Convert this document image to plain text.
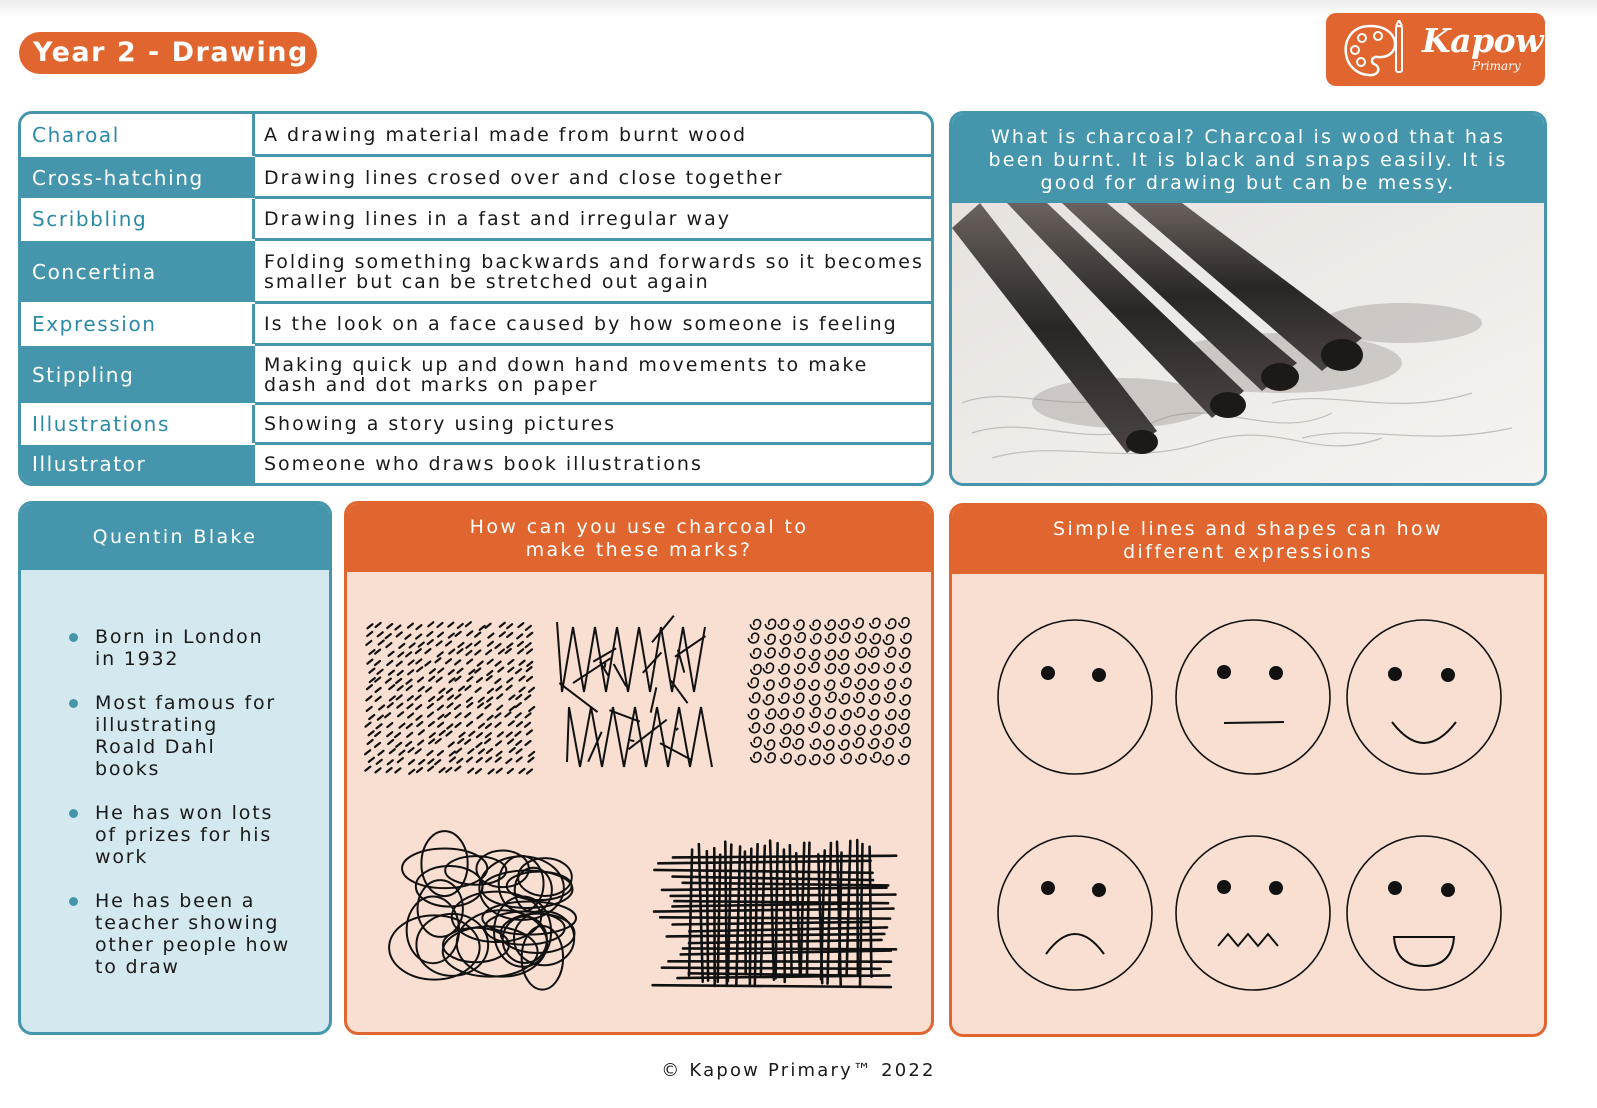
Year 2 - Drawing	Kapow
Primary
Charoal	A drawing material made from burnt wood
Cross-hatching	Drawing lines crosed over and close together
Scribbling	Drawing lines in a fast and irregular way
Concertina	Folding something backwards and forwards so it becomes
smaller but can be stretched out again
Expression	Is the look on a face caused by how someone is feeling
Stippling	Making quick up and down hand movements to make
dash and dot marks on paper
Illustrations	Showing a story using pictures
Illustrator	Someone who draws book illustrations
What is charcoal? Charcoal is wood that has
been burnt. It is black and snaps easily. It is
good for drawing but can be messy.
Quentin Blake
Born in London
in 1932
Most famous for
illustrating
Roald Dahl
books
He has won lots
of prizes for his
work
He has been a
teacher showing
other people how
to draw
How can you use charcoal to
make these marks?
Simple lines and shapes can how
different expressions
© Kapow Primary™ 2022
